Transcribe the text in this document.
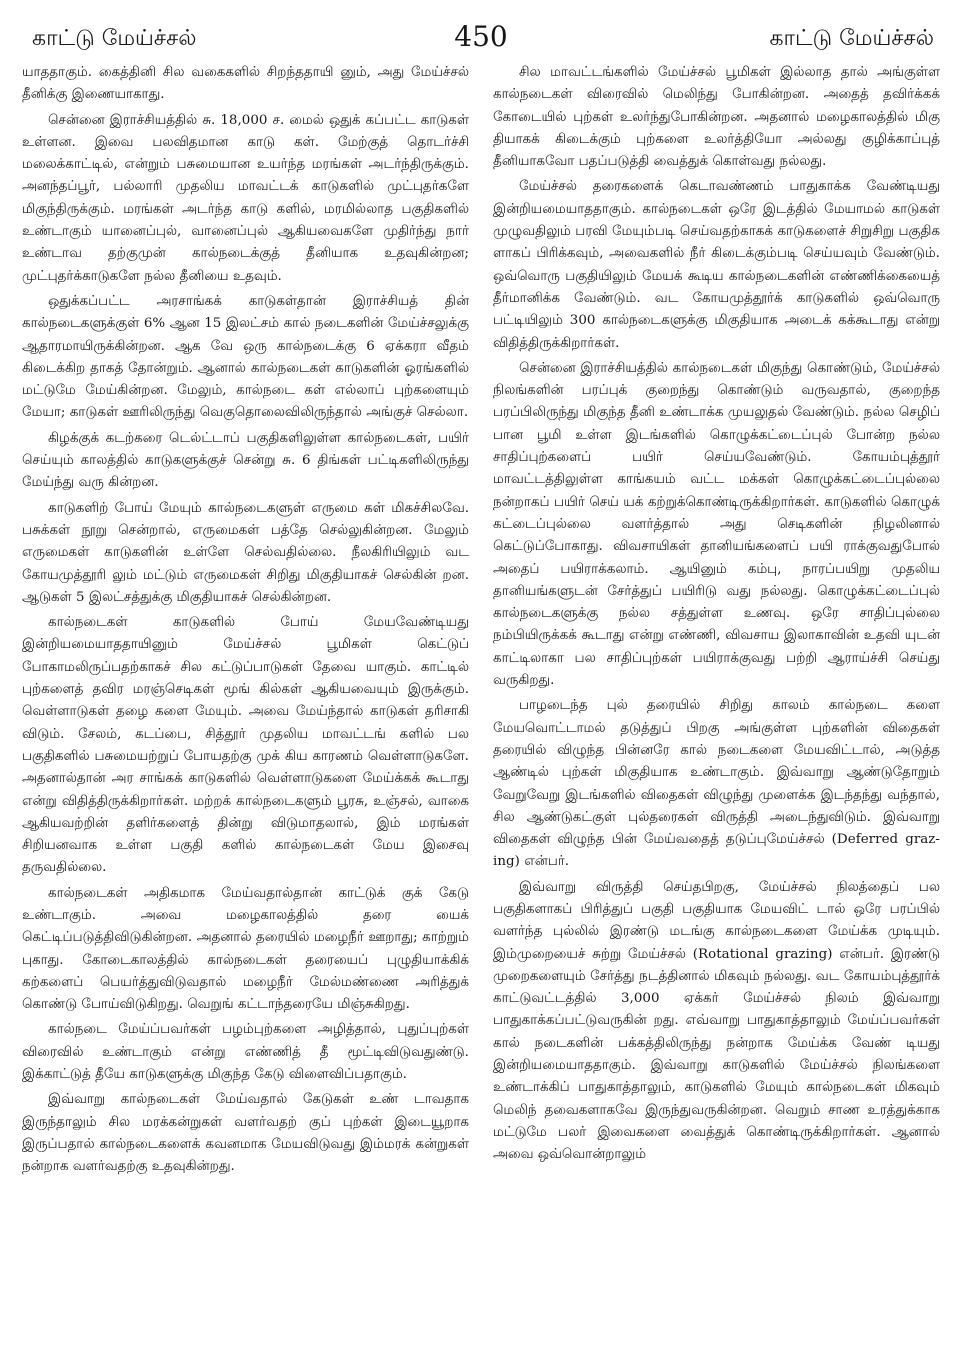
காட்டு மேய்ச்சல்	450	காட்டு மேய்ச்சல்

யாததாகும். கைத்தினி சில வகைகளில் சிறந்ததாயி னும், அது மேய்ச்சல் தீனிக்கு இணையாகாது.

சென்னை இராச்சியத்தில் சு. 18,000 ச. மைல் ஒதுக் கப்பட்ட காடுகள் உள்ளன. இவை பலவிதமான காடு கள். மேற்குத் தொடர்ச்சி மலைக்காட்டில், என்றும் பசுமையான உயர்ந்த மரங்கள் அடர்ந்திருக்கும். அனந்தப்பூர், பல்லாரி முதலிய மாவட்டக் காடுகளில் முட்புதர்களே மிகுந்திருக்கும். மரங்கள் அடர்ந்த காடு களில், மரமில்லாத பகுதிகளில் உண்டாகும் யானைப்புல், வானைப்புல் ஆகியவைகளே முதிர்ந்து நார் உண்டாவ தற்குமுன் கால்நடைக்குத் தீனியாக உதவுகின்றன; முட்புதர்க்காடுகளே நல்ல தீனியை உதவும்.

ஒதுக்கப்பட்ட அரசாங்கக் காடுகள்தான் இராச்சியத் தின் கால்நடைகளுக்குள் 6% ஆன 15 இலட்சம் கால் நடைகளின் மேய்ச்சலுக்கு ஆதாரமாயிருக்கின்றன. ஆக வே ஒரு கால்நடைக்கு 6 ஏக்கரா வீதம் கிடைக்கிற தாகத் தோன்றும். ஆனால் கால்நடைகள் காடுகளின் ஓரங்களில் மட்டுமே மேய்கின்றன. மேலும், கால்நடை கள் எல்லாப் புற்களையும் மேயா; காடுகள் ஊரிலிருந்து வெகுதொலைவிலிருந்தால் அங்குச் செல்லா.

கிழக்குக் கடற்கரை டெல்ட்டாப் பகுதிகளிலுள்ள கால்நடைகள், பயிர் செய்யும் காலத்தில் காடுகளுக்குச் சென்று சு. 6 திங்கள் பட்டிகளிலிருந்து மேய்ந்து வரு கின்றன.

காடுகளிற் போய் மேயும் கால்நடைகளுள் எருமை கள் மிகச்சிலவே. பசுக்கள் நூறு சென்றால், எருமைகள் பத்தே செல்லுகின்றன. மேலும் எருமைகள் காடுகளின் உள்ளே செல்வதில்லை. நீலகிரியிலும் வட கோயமுத்தூரி லும் மட்டும் எருமைகள் சிறிது மிகுதியாகச் செல்கின் றன. ஆடுகள் 5 இலட்சத்துக்கு மிகுதியாகச் செல்கின்றன.

கால்நடைகள் காடுகளில் போய் மேயவேண்டியது இன்றியமையாததாயினும் மேய்ச்சல் பூமிகள் கெட்டுப் போகாமலிருப்பதற்காகச் சில கட்டுப்பாடுகள் தேவை யாகும். காட்டில் புற்களைத் தவிர மரஞ்செடிகள் மூங் கில்கள் ஆகியவையும் இருக்கும். வெள்ளாடுகள் தழை களை மேயும். அவை மேய்ந்தால் காடுகள் தரிசாகி விடும். சேலம், கடப்பை, சித்தூர் முதலிய மாவட்டங் களில் பல பகுதிகளில் பசுமையற்றுப் போயதற்கு முக் கிய காரணம் வெள்ளாடுகளே. அதனால்தான் அர சாங்கக் காடுகளில் வெள்ளாடுகளை மேய்க்கக் கூடாது என்று விதித்திருக்கிறார்கள். மற்றக் கால்நடைகளும் பூரசு, உஞ்சல், வாகை ஆகியவற்றின் தளிர்களைத் தின்று விடுமாதலால், இம் மரங்கள் சிறியனவாக உள்ள பகுதி களில் கால்நடைகள் மேய இசைவு தருவதில்லை.

கால்நடைகள் அதிகமாக மேய்வதால்தான் காட்டுக் குக் கேடு உண்டாகும். அவை மழைகாலத்தில் தரை யைக் கெட்டிப்படுத்திவிடுகின்றன. அதனால் தரையில் மழைநீர் ஊறாது; காற்றும் புகாது. கோடைகாலத்தில் கால்நடைகள் தரையைப் புழுதியாக்கிக் கற்களைப் பெயர்த்துவிடுவதால் மழைநீர் மேல்மண்ணை அரித்துக் கொண்டு போய்விடுகிறது. வெறுங் கட்டாந்தரையே மிஞ்சுகிறது.

கால்நடை மேய்ப்பவர்கள் பழம்புற்களை அழித்தால், புதுப்புற்கள் விரைவில் உண்டாகும் என்று எண்ணித் தீ மூட்டிவிடுவதுண்டு. இக்காட்டுத் தீயே காடுகளுக்கு மிகுந்த கேடு விளைவிப்பதாகும்.

இவ்வாறு கால்நடைகள் மேய்வதால் கேடுகள் உண் டாவதாக இருந்தாலும் சில மரக்கன்றுகள் வளர்வதற் குப் புற்கள் இடையூறாக இருப்பதால் கால்நடைகளைக் கவனமாக மேயவிடுவது இம்மரக் கன்றுகள் நன்றாக வளர்வதற்கு உதவுகின்றது.

சில மாவட்டங்களில் மேய்ச்சல் பூமிகள் இல்லாத தால் அங்குள்ள கால்நடைகள் விரைவில் மெலிந்து போகின்றன. அதைத் தவிர்க்கக் கோடையில் புற்கள் உலர்ந்துபோகின்றன. அதனால் மழைகாலத்தில் மிகு தியாகக் கிடைக்கும் புற்களை உலர்த்தியோ அல்லது குழிக்காப்புத் தீனியாகவோ பதப்படுத்தி வைத்துக் கொள்வது நல்லது.

மேய்ச்சல் தரைகளைக் கெடாவண்ணம் பாதுகாக்க வேண்டியது இன்றியமையாததாகும். கால்நடைகள் ஒரே இடத்தில் மேயாமல் காடுகள் முழுவதிலும் பரவி மேயும்படி செய்வதற்காகக் காடுகளைச் சிறுசிறு பகுதிக ளாகப் பிரிக்கவும், அவைகளில் நீர் கிடைக்கும்படி செய்யவும் வேண்டும். ஒவ்வொரு பகுதியிலும் மேயக் கூடிய கால்நடைகளின் எண்ணிக்கையைத் தீர்மானிக்க வேண்டும். வட கோயமுத்தூர்க் காடுகளில் ஒவ்வொரு பட்டியிலும் 300 கால்நடைகளுக்கு மிகுதியாக அடைக் கக்கூடாது என்று விதித்திருக்கிறார்கள்.

சென்னை இராச்சியத்தில் கால்நடைகள் மிகுந்து கொண்டும், மேய்ச்சல் நிலங்களின் பரப்புக் குறைந்து கொண்டும் வருவதால், குறைந்த பரப்பிலிருந்து மிகுந்த தீனி உண்டாக்க முயலுதல் வேண்டும். நல்ல செழிப் பான பூமி உள்ள இடங்களில் கொழுக்கட்டைப்புல் போன்ற நல்ல சாதிப்புற்களைப் பயிர் செய்யவேண்டும். கோயம்புத்தூர் மாவட்டத்திலுள்ள காங்கயம் வட்ட மக்கள் கொழுக்கட்டைப்புல்லை நன்றாகப் பயிர் செய் யக் கற்றுக்கொண்டிருக்கிறார்கள். காடுகளில் கொழுக் கட்டைப்புல்லை வளர்த்தால் அது செடிகளின் நிழலினால் கெட்டுப்போகாது. விவசாயிகள் தானியங்களைப் பயி ராக்குவதுபோல் அதைப் பயிராக்கலாம். ஆயினும் கம்பு, நாரப்பயிறு முதலிய தானியங்களுடன் சேர்த்துப் பயிரிடு வது நல்லது. கொழுக்கட்டைப்புல் கால்நடைகளுக்கு நல்ல சத்துள்ள உணவு. ஒரே சாதிப்புல்லை நம்பியிருக்கக் கூடாது என்று எண்ணி, விவசாய இலாகாவின் உதவி யுடன் காட்டிலாகா பல சாதிப்புற்கள் பயிராக்குவது பற்றி ஆராய்ச்சி செய்து வருகிறது.

பாழடைந்த புல் தரையில் சிறிது காலம் கால்நடை களை மேயவொட்டாமல் தடுத்துப் பிறகு அங்குள்ள புற்களின் விதைகள் தரையில் விழுந்த பின்னரே கால் நடைகளை மேயவிட்டால், அடுத்த ஆண்டில் புற்கள் மிகுதியாக உண்டாகும். இவ்வாறு ஆண்டுதோறும் வேறுவேறு இடங்களில் விதைகள் விழுந்து முளைக்க இடந்தந்து வந்தால், சில ஆண்டுகட்குள் புல்தரைகள் விருத்தி அடைந்துவிடும். இவ்வாறு விதைகள் விழுந்த பின் மேய்வதைத் தடுப்புமேய்ச்சல் (Deferred graz- ing) என்பர்.

இவ்வாறு விருத்தி செய்தபிறகு, மேய்ச்சல் நிலத்தைப் பல பகுதிகளாகப் பிரித்துப் பகுதி பகுதியாக மேயவிட் டால் ஒரே பரப்பில் வளர்ந்த புல்லில் இரண்டு மடங்கு கால்நடைகளை மேய்க்க முடியும். இம்முறையைச் சுற்று மேய்ச்சல் (Rotational grazing) என்பர். இரண்டு முறைகளையும் சேர்த்து நடத்தினால் மிகவும் நல்லது. வட கோயம்புத்தூர்க் காட்டுவட்டத்தில் 3,000 ஏக்கர் மேய்ச்சல் நிலம் இவ்வாறு பாதுகாக்கப்பட்டுவருகின் றது. எவ்வாறு பாதுகாத்தாலும் மேய்ப்பவர்கள் கால் நடைகளின் பக்கத்திலிருந்து நன்றாக மேய்க்க வேண் டியது இன்றியமையாததாகும். இவ்வாறு காடுகளில் மேய்ச்சல் நிலங்களை உண்டாக்கிப் பாதுகாத்தாலும், காடுகளில் மேயும் கால்நடைகள் மிகவும் மெலிந் தவைகளாகவே இருந்துவருகின்றன. வெறும் சாண உரத்துக்காக மட்டுமே பலர் இவைகளை வைத்துக் கொண்டிருக்கிறார்கள். ஆனால் அவை ஒவ்வொன்றாலும்
